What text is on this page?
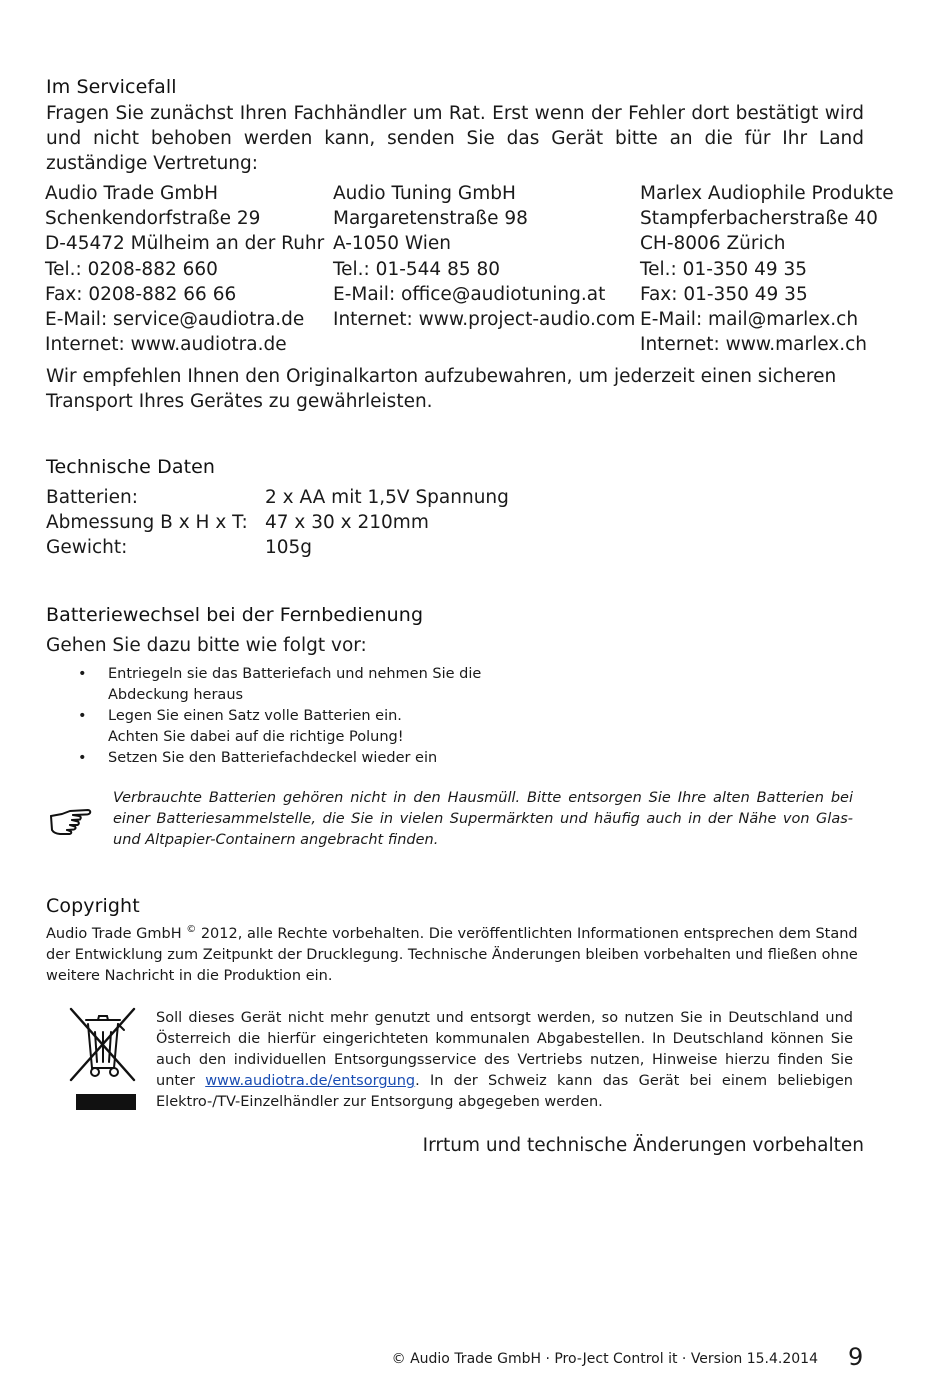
Im Servicefall
Fragen Sie zunächst Ihren Fachhändler um Rat. Erst wenn der Fehler dort bestätigt wird und nicht behoben werden kann, senden Sie das Gerät bitte an die für Ihr Land zuständige Vertretung:
Audio Trade GmbH
Schenkendorfstraße 29
D-45472 Mülheim an der Ruhr
Tel.: 0208-882 660
Fax: 0208-882 66 66
E-Mail: service@audiotra.de
Internet: www.audiotra.de
Audio Tuning GmbH
Margaretenstraße 98
A-1050 Wien
Tel.: 01-544 85 80
E-Mail: office@audiotuning.at
Internet: www.project-audio.com
Marlex Audiophile Produkte
Stampferbacherstraße 40
CH-8006 Zürich
Tel.: 01-350 49 35
Fax: 01-350 49 35
E-Mail: mail@marlex.ch
Internet: www.marlex.ch
Wir empfehlen Ihnen den Originalkarton aufzubewahren, um jederzeit einen sicheren Transport Ihres Gerätes zu gewährleisten.
Technische Daten
Batterien:	2 x AA mit 1,5V Spannung
Abmessung B x H x T: 47 x 30 x 210mm
Gewicht:	105g
Batteriewechsel bei der Fernbedienung
Gehen Sie dazu bitte wie folgt vor:
• Entriegeln sie das Batteriefach und nehmen Sie die
Abdeckung heraus
• Legen Sie einen Satz volle Batterien ein.
Achten Sie dabei auf die richtige Polung!
• Setzen Sie den Batteriefachdeckel wieder ein
Verbrauchte Batterien gehören nicht in den Hausmüll. Bitte entsorgen Sie Ihre alten Batterien bei einer Batteriesammelstelle, die Sie in vielen Supermärkten und häufig auch in der Nähe von Glas- und Altpapier-Containern angebracht finden.
Copyright
Audio Trade GmbH © 2012, alle Rechte vorbehalten. Die veröffentlichten Informationen entsprechen dem Stand der Entwicklung zum Zeitpunkt der Drucklegung. Technische Änderungen bleiben vorbehalten und fließen ohne weitere Nachricht in die Produktion ein.
Soll dieses Gerät nicht mehr genutzt und entsorgt werden, so nutzen Sie in Deutschland und Österreich die hierfür eingerichteten kommunalen Abgabestellen. In Deutschland können Sie auch den individuellen Entsorgungsservice des Vertriebs nutzen, Hinweise hierzu finden Sie unter www.audiotra.de/entsorgung. In der Schweiz kann das Gerät bei einem beliebigen Elektro-/TV-Einzelhändler zur Entsorgung abgegeben werden.
Irrtum und technische Änderungen vorbehalten
© Audio Trade GmbH · Pro-Ject Control it · Version 15.4.2014 9
